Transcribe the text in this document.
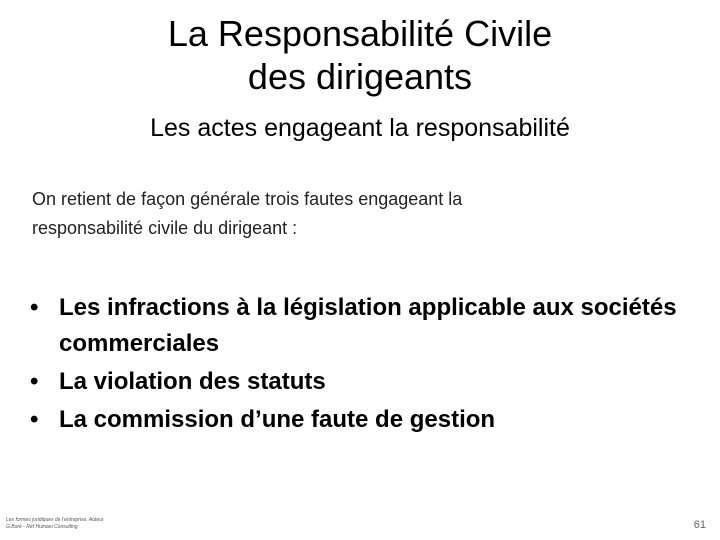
La Responsabilité Civile
des dirigeants
Les actes engageant la responsabilité
On retient de façon générale trois fautes engageant la
responsabilité civile du dirigeant :
• Les infractions à la législation applicable aux sociétés commerciales
• La violation des statuts
• La commission d’une faute de gestion
Les formes juridiques de l’entreprise. Auteur
G.Boré - Réf Humani Consulting	61
